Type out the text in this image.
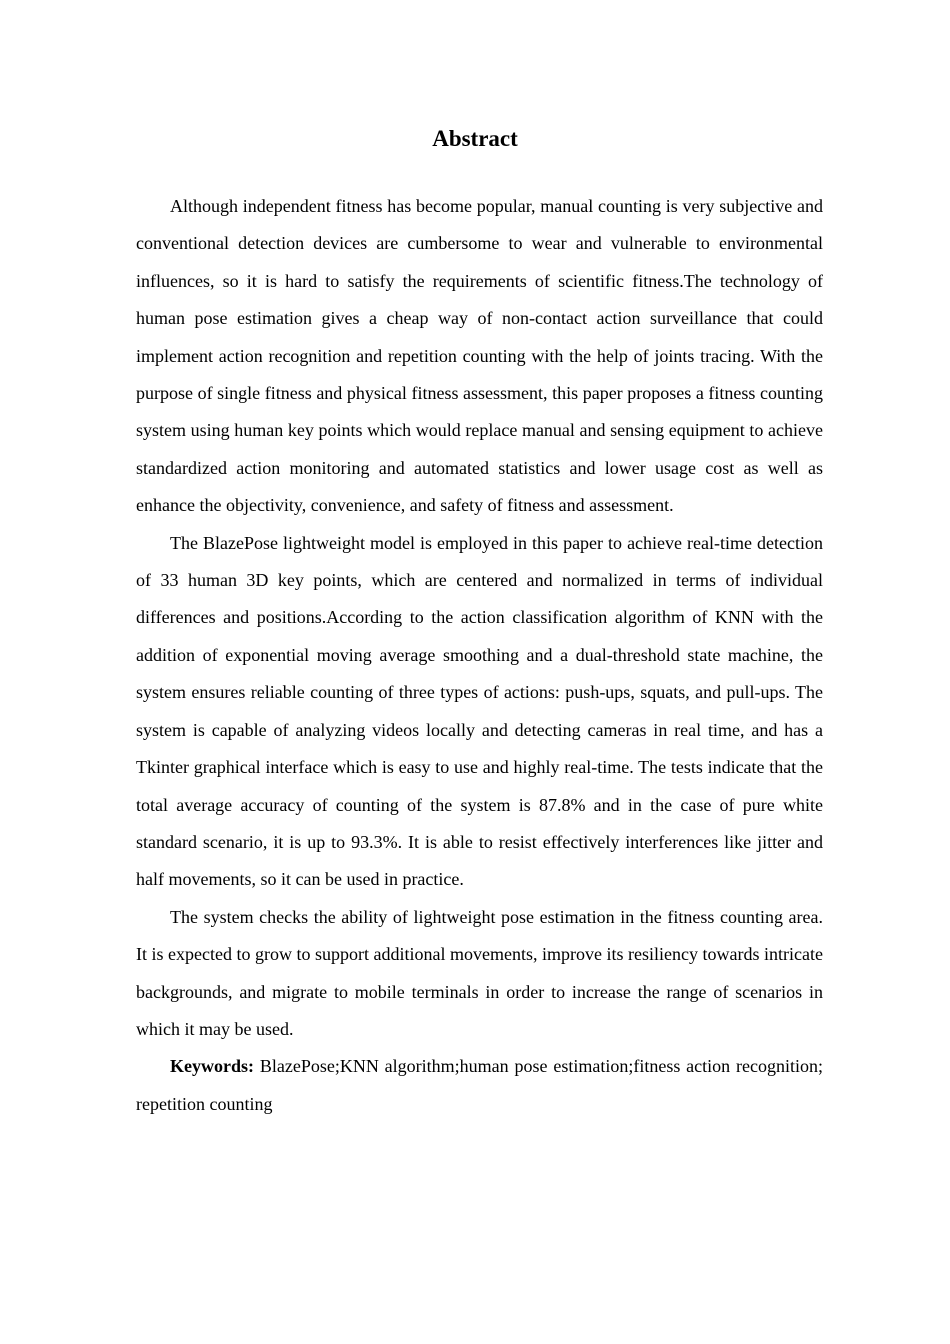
Abstract

Although independent fitness has become popular, manual counting is very subjective and conventional detection devices are cumbersome to wear and vulnerable to environmental influences, so it is hard to satisfy the requirements of scientific fitness.The technology of human pose estimation gives a cheap way of non-contact action surveillance that could implement action recognition and repetition counting with the help of joints tracing. With the purpose of single fitness and physical fitness assessment, this paper proposes a fitness counting system using human key points which would replace manual and sensing equipment to achieve standardized action monitoring and automated statistics and lower usage cost as well as enhance the objectivity, convenience, and safety of fitness and assessment.

The BlazePose lightweight model is employed in this paper to achieve real-time detection of 33 human 3D key points, which are centered and normalized in terms of individual differences and positions.According to the action classification algorithm of KNN with the addition of exponential moving average smoothing and a dual-threshold state machine, the system ensures reliable counting of three types of actions: push-ups, squats, and pull-ups. The system is capable of analyzing videos locally and detecting cameras in real time, and has a Tkinter graphical interface which is easy to use and highly real-time. The tests indicate that the total average accuracy of counting of the system is 87.8% and in the case of pure white standard scenario, it is up to 93.3%. It is able to resist effectively interferences like jitter and half movements, so it can be used in practice.

The system checks the ability of lightweight pose estimation in the fitness counting area. It is expected to grow to support additional movements, improve its resiliency towards intricate backgrounds, and migrate to mobile terminals in order to increase the range of scenarios in which it may be used.

Keywords: BlazePose;KNN algorithm;human pose estimation;fitness action recognition; repetition counting
